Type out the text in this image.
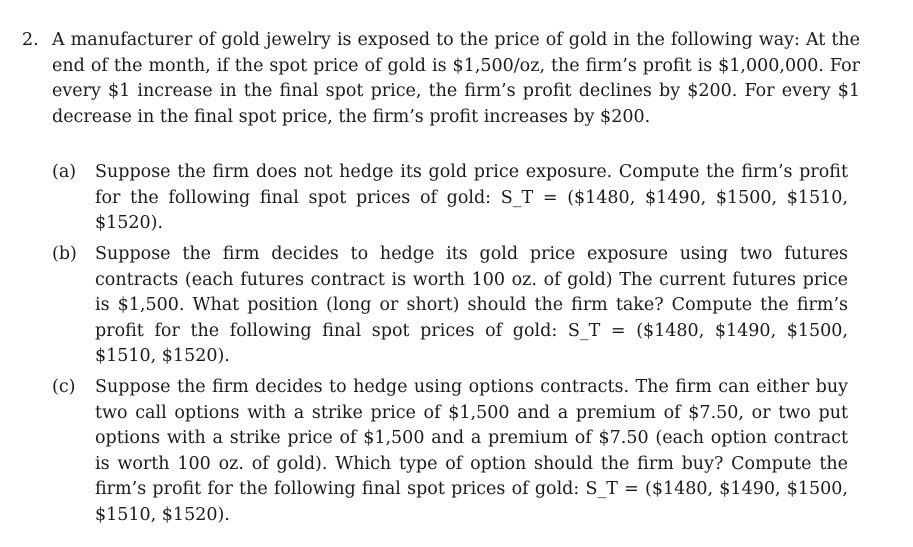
2. A manufacturer of gold jewelry is exposed to the price of gold in the following way: At the end of the month, if the spot price of gold is $1,500/oz, the firm’s profit is $1,000,000. For every $1 increase in the final spot price, the firm’s profit declines by $200. For every $1 decrease in the final spot price, the firm’s profit increases by $200.
(a) Suppose the firm does not hedge its gold price exposure. Compute the firm’s profit for the following final spot prices of gold: S_T = ($1480, $1490, $1500, $1510, $1520).
(b) Suppose the firm decides to hedge its gold price exposure using two futures contracts (each futures contract is worth 100 oz. of gold) The current futures price is $1,500. What position (long or short) should the firm take? Compute the firm’s profit for the following final spot prices of gold: S_T = ($1480, $1490, $1500, $1510, $1520).
(c) Suppose the firm decides to hedge using options contracts. The firm can either buy two call options with a strike price of $1,500 and a premium of $7.50, or two put options with a strike price of $1,500 and a premium of $7.50 (each option contract is worth 100 oz. of gold). Which type of option should the firm buy? Compute the firm’s profit for the following final spot prices of gold: S_T = ($1480, $1490, $1500, $1510, $1520).
